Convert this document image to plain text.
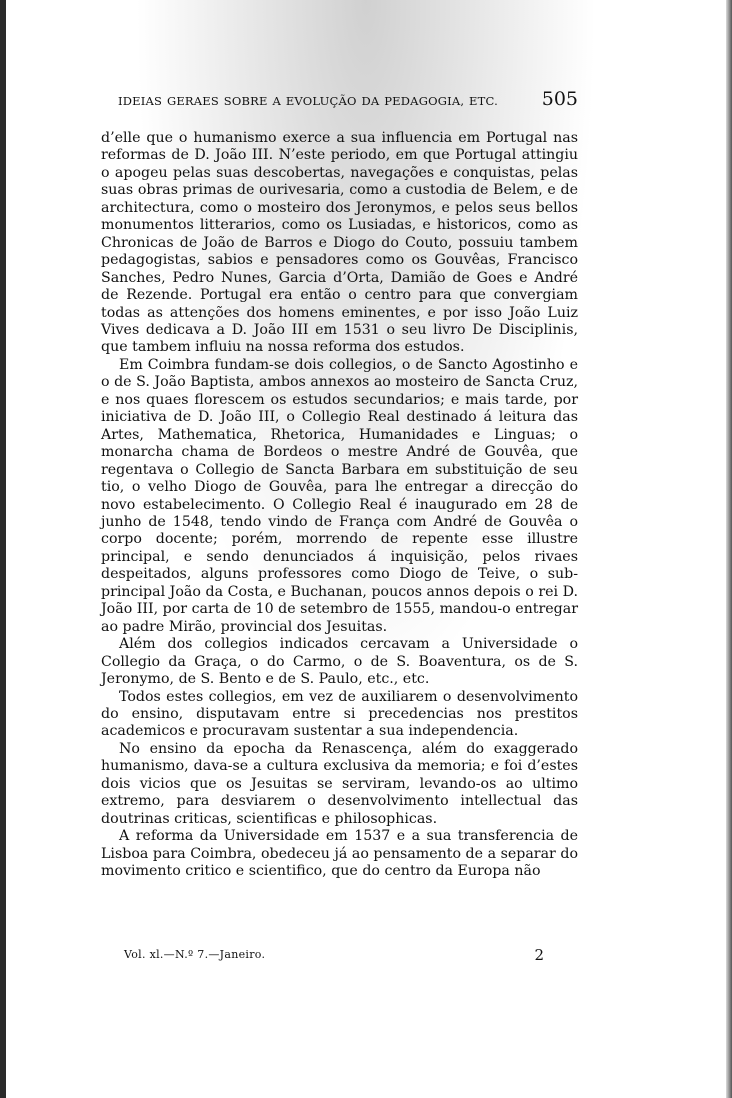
IDEIAS GERAES SOBRE A EVOLUÇÃO DA PEDAGOGIA, ETC. 505

d’elle que o humanismo exerce a sua influencia em Portugal nas reformas de D. João III. N’este periodo, em que Portugal attingiu o apogeu pelas suas descobertas, navegações e conquistas, pelas suas obras primas de ourivesaria, como a custodia de Belem, e de architectura, como o mosteiro dos Jeronymos, e pelos seus bellos monumentos litterarios, como os Lusiadas, e historicos, como as Chronicas de João de Barros e Diogo do Couto, possuiu tambem pedagogistas, sabios e pensadores como os Gouvêas, Francisco Sanches, Pedro Nunes, Garcia d’Orta, Damião de Goes e André de Rezende. Portugal era então o centro para que convergiam todas as attenções dos homens eminentes, e por isso João Luiz Vives dedicava a D. João III em 1531 o seu livro De Disciplinis, que tambem influiu na nossa reforma dos estudos.

Em Coimbra fundam-se dois collegios, o de Sancto Agostinho e o de S. João Baptista, ambos annexos ao mosteiro de Sancta Cruz, e nos quaes florescem os estudos secundarios; e mais tarde, por iniciativa de D. João III, o Collegio Real destinado á leitura das Artes, Mathematica, Rhetorica, Humanidades e Linguas; o monarcha chama de Bordeos o mestre André de Gouvêa, que regentava o Collegio de Sancta Barbara em substituição de seu tio, o velho Diogo de Gouvêa, para lhe entregar a direcção do novo estabelecimento. O Collegio Real é inaugurado em 28 de junho de 1548, tendo vindo de França com André de Gouvêa o corpo docente; porém, morrendo de repente esse illustre principal, e sendo denunciados á inquisição, pelos rivaes despeitados, alguns professores como Diogo de Teive, o sub-principal João da Costa, e Buchanan, poucos annos depois o rei D. João III, por carta de 10 de setembro de 1555, mandou-o entregar ao padre Mirão, provincial dos Jesuitas.

Além dos collegios indicados cercavam a Universidade o Collegio da Graça, o do Carmo, o de S. Boaventura, os de S. Jeronymo, de S. Bento e de S. Paulo, etc., etc.

Todos estes collegios, em vez de auxiliarem o desenvolvimento do ensino, disputavam entre si precedencias nos prestitos academicos e procuravam sustentar a sua independencia.

No ensino da epocha da Renascença, além do exaggerado humanismo, dava-se a cultura exclusiva da memoria; e foi d’estes dois vicios que os Jesuitas se serviram, levando-os ao ultimo extremo, para desviarem o desenvolvimento intellectual das doutrinas criticas, scientificas e philosophicas.

A reforma da Universidade em 1537 e a sua transferencia de Lisboa para Coimbra, obedeceu já ao pensamento de a separar do movimento critico e scientifico, que do centro da Europa não

Vol. xl.—N.º 7.—Janeiro.	2
